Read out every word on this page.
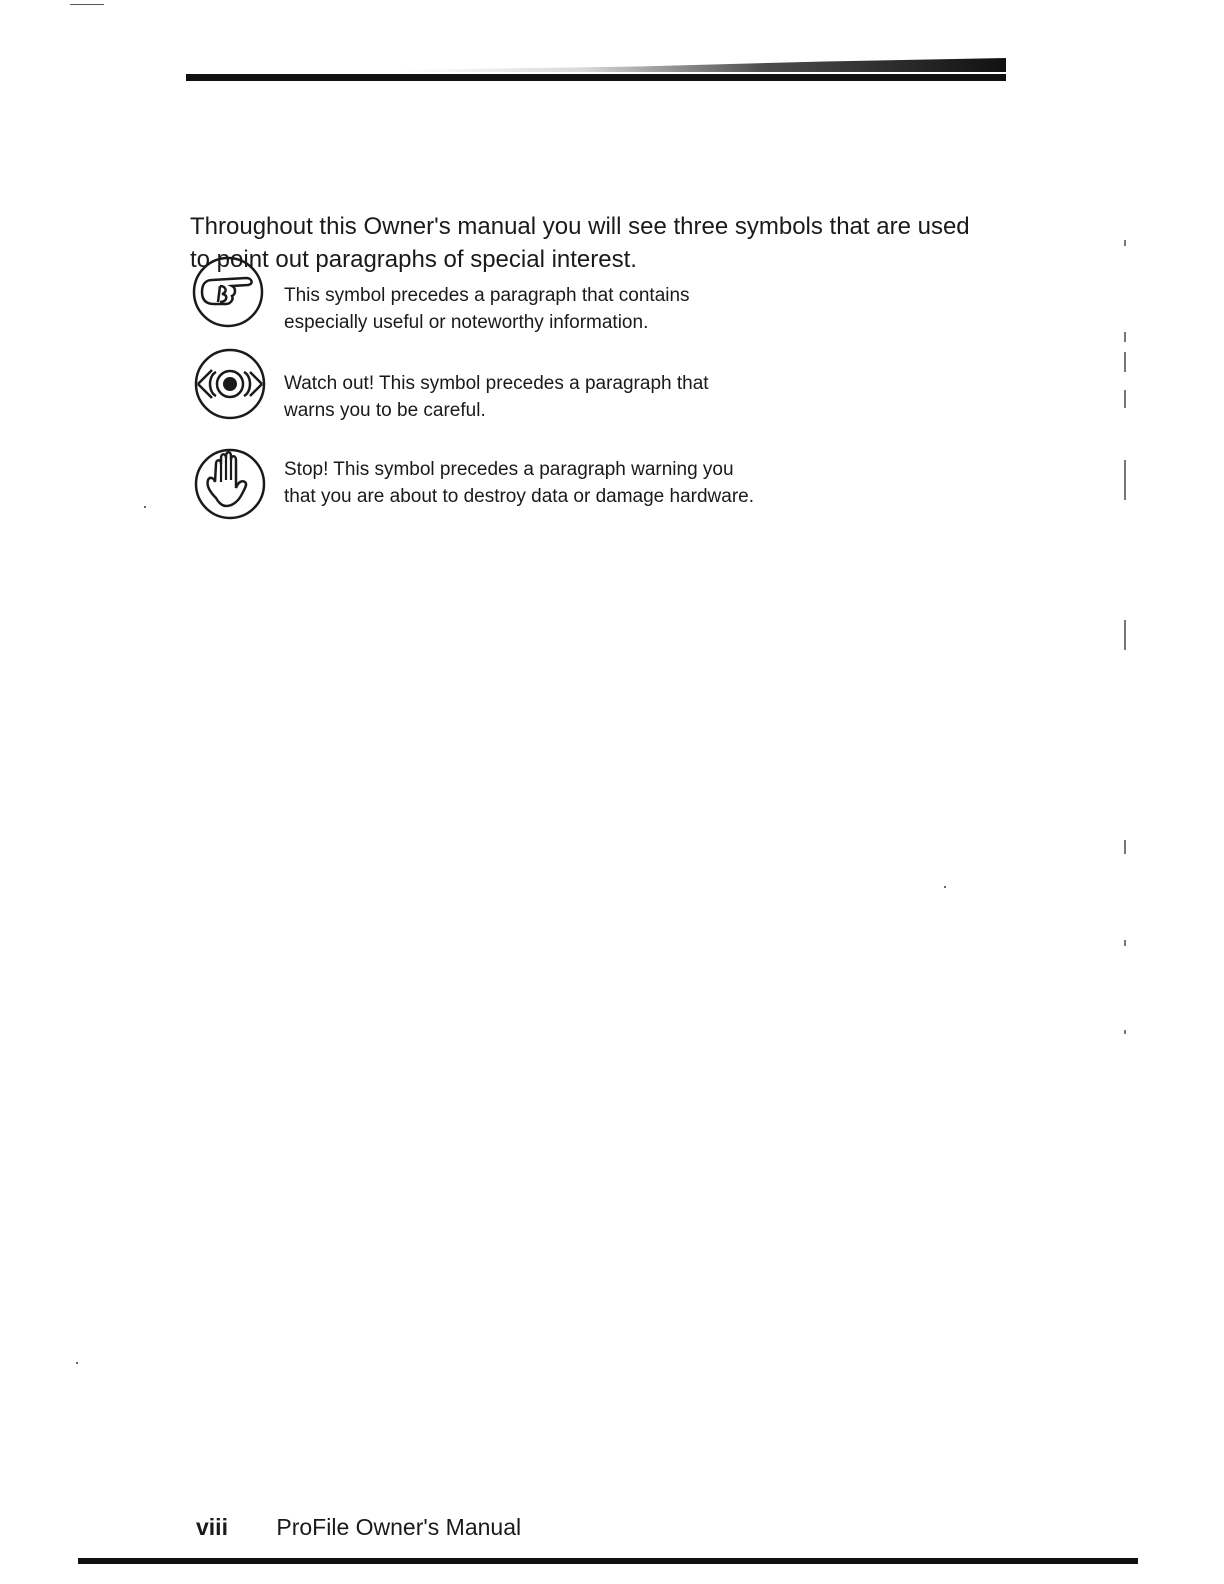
Throughout this Owner's manual you will see three symbols that are used to point out paragraphs of special interest.

This symbol precedes a paragraph that contains
especially useful or noteworthy information.
Watch out! This symbol precedes a paragraph that
warns you to be careful.
Stop! This symbol precedes a paragraph warning you
that you are about to destroy data or damage hardware.
viii ProFile Owner's Manual
